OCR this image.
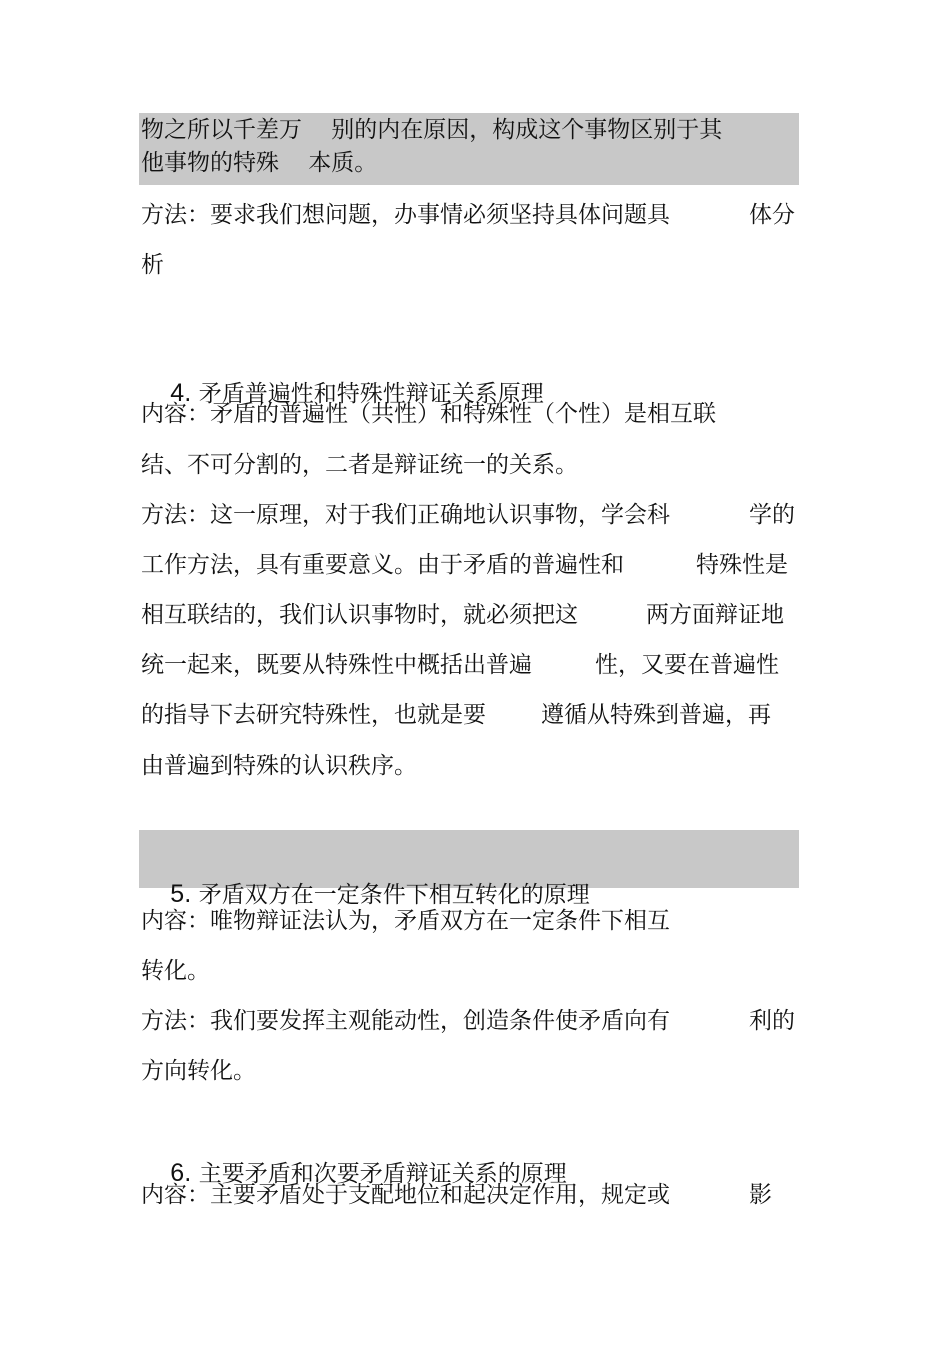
物之所以千差万    别的内在原因，构成这个事物区别于其
他事物的特殊    本质。
方法：要求我们想问题，办事情必须坚持具体问题具	体分
析

4. 矛盾普遍性和特殊性辩证关系原理

内容：矛盾的普遍性（共性）和特殊性（个性）是相互联
结、不可分割的，二者是辩证统一的关系。
方法：这一原理，对于我们正确地认识事物，学会科	学的
工作方法，具有重要意义。由于矛盾的普遍性和	特殊性是
相互联结的，我们认识事物时，就必须把这	两方面辩证地
统一起来，既要从特殊性中概括出普遍	性，又要在普遍性
的指导下去研究特殊性，也就是要 遵循从特殊到普遍，再
由普遍到特殊的认识秩序。

5. 矛盾双方在一定条件下相互转化的原理

内容：唯物辩证法认为，矛盾双方在一定条件下相互
转化。
方法：我们要发挥主观能动性，创造条件使矛盾向有	利的
方向转化。

6. 主要矛盾和次要矛盾辩证关系的原理

内容：主要矛盾处于支配地位和起决定作用，规定或	影
